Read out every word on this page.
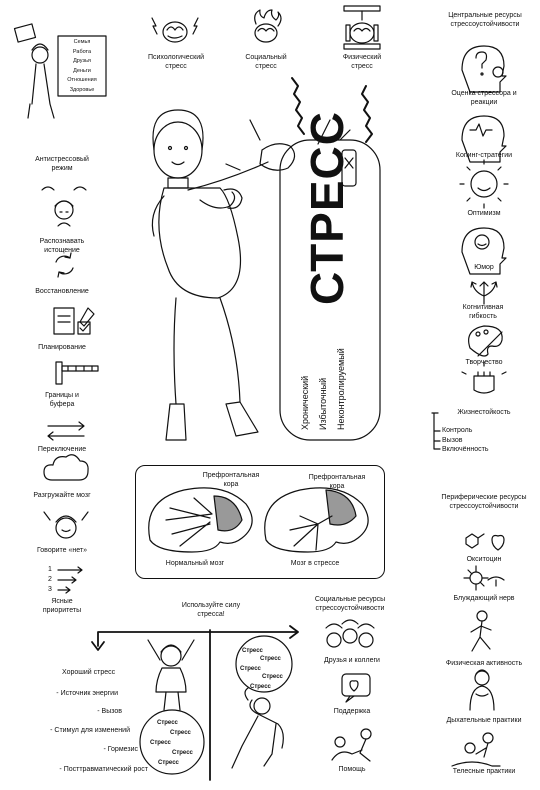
Психологический стресс
Социальный стресс
Физический стресс
Семья
Работа
Друзья
Деньги
Отношения
Здоровье
Антистрессовый режим
Распознавать истощение
Восстановление
Планирование
Границы и буфера
Переключение
Разгружайте мозг
Говорите «нет»
1
2
3
Ясные приоритеты
СТРЕСС
Хронический Избыточный Неконтролируемый
Центральные ресурсы стрессоустойчивости
Оценка стрессора и реакции
Копинг-стратегии
Оптимизм
Юмор
Когнитивная гибкость
Творчество
Жизнестойкость
Контроль
Вызов
Включённость
Префронтальная кора
Префронтальная кора
Нормальный мозг	Мозг в стрессе
Периферические ресурсы стрессоустойчивости
Окситоцин
Блуждающий нерв
Физическая активность
Дыхательные практики
Телесные практики
Используйте силу стресса!
Хороший стресс
- Источник энергии
- Вызов
- Стимул для изменений
- Гормезис
- Посттравматический рост
Стресс
Стресс
Стресс
Стресс
Стресс
Стресс
Стресс
Стресс
Стресс
Стресс
Социальные ресурсы стрессоустойчивости
Друзья и коллеги
Поддержка
Помощь
